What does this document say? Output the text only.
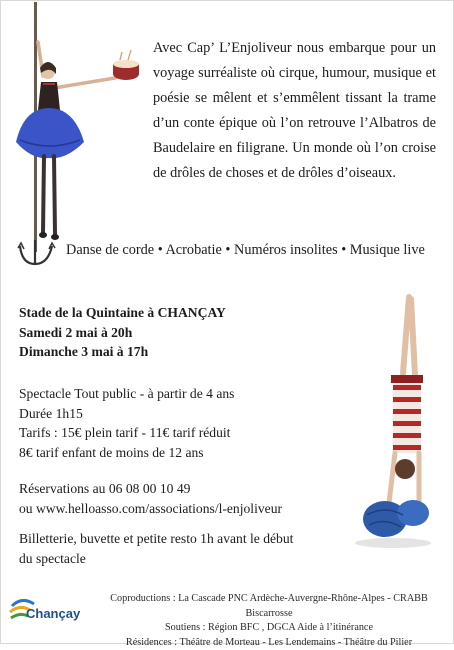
Avec Cap’ L’Enjoliveur nous embarque pour un voyage surréaliste où cirque, humour, musique et poésie se mêlent et s’emmêlent tissant la trame d’un conte épique où l’on retrouve l’Albatros de Baudelaire en filigrane. Un monde où l’on croise de drôles de choses et de drôles d’oiseaux.
Danse de corde • Acrobatie • Numéros insolites • Musique live
Stade de la Quintaine à CHANÇAY
Samedi 2 mai à 20h
Dimanche 3 mai à 17h
Spectacle Tout public - à partir de 4 ans
Durée 1h15
Tarifs : 15€ plein tarif - 11€ tarif réduit
8€ tarif enfant de moins de 12 ans
Réservations au 06 08 00 10 49
ou www.helloasso.com/associations/l-enjoliveur
Billetterie, buvette et petite resto 1h avant le début
du spectacle
Chançay
Coproductions : La Cascade PNC Ardèche-Auvergne-Rhône-Alpes - CRABB Biscarrosse
Soutiens : Région BFC , DGCA Aide à l’itinérance
Résidences : Théâtre de Morteau - Les Lendemains - Théâtre du Pilier
